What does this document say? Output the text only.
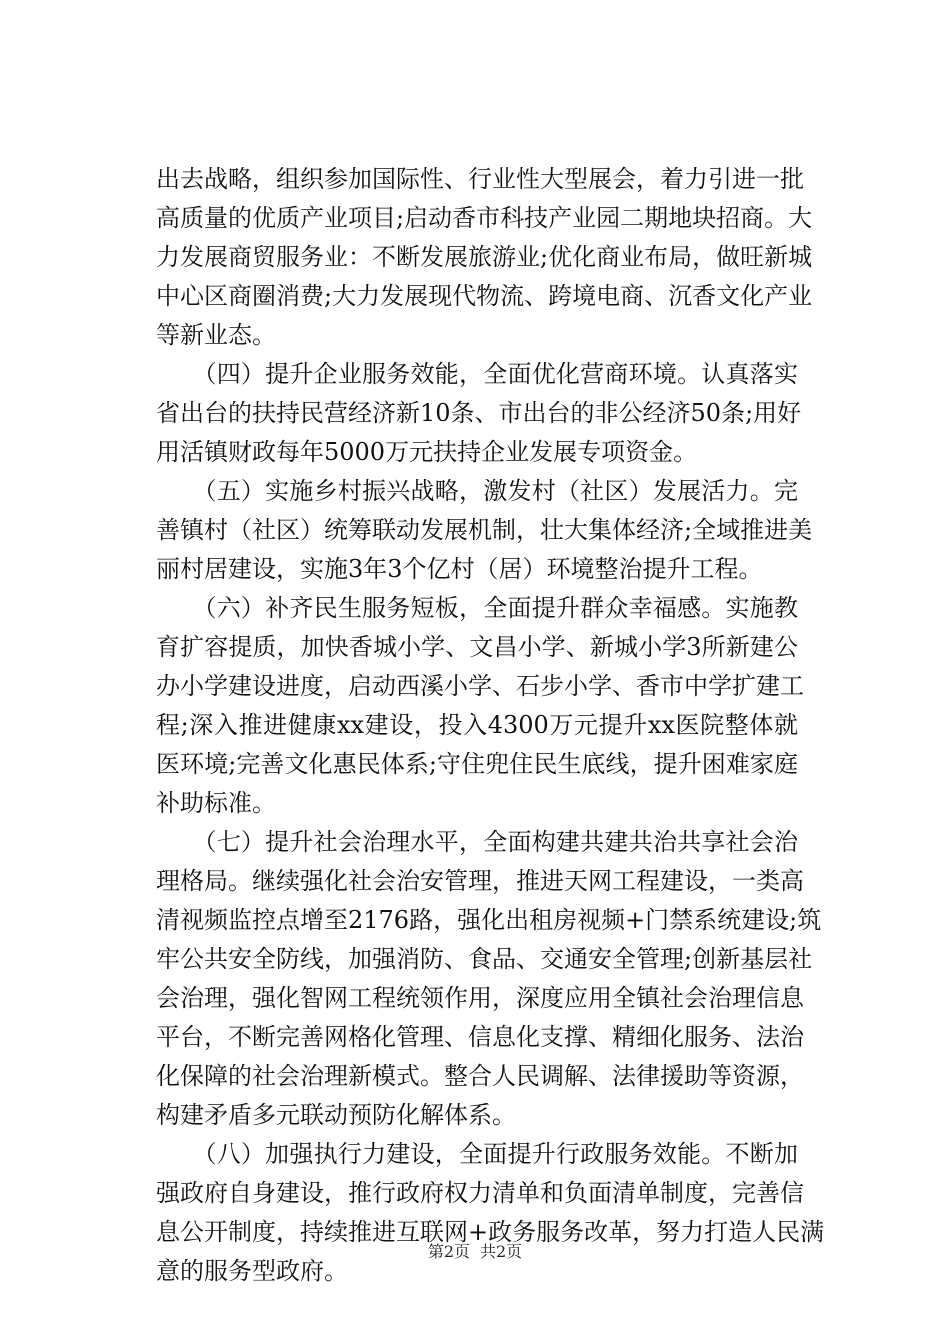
出去战略，组织参加国际性、行业性大型展会，着力引进一批
高质量的优质产业项目;启动香市科技产业园二期地块招商。大
力发展商贸服务业：不断发展旅游业;优化商业布局，做旺新城
中心区商圈消费;大力发展现代物流、跨境电商、沉香文化产业
等新业态。
　　（四）提升企业服务效能，全面优化营商环境。认真落实
省出台的扶持民营经济新10条、市出台的非公经济50条;用好
用活镇财政每年5000万元扶持企业发展专项资金。
　　（五）实施乡村振兴战略，激发村（社区）发展活力。完
善镇村（社区）统筹联动发展机制，壮大集体经济;全域推进美
丽村居建设，实施3年3个亿村（居）环境整治提升工程。
　　（六）补齐民生服务短板，全面提升群众幸福感。实施教
育扩容提质，加快香城小学、文昌小学、新城小学3所新建公
办小学建设进度，启动西溪小学、石步小学、香市中学扩建工
程;深入推进健康xx建设，投入4300万元提升xx医院整体就
医环境;完善文化惠民体系;守住兜住民生底线，提升困难家庭
补助标准。
　　（七）提升社会治理水平，全面构建共建共治共享社会治
理格局。继续强化社会治安管理，推进天网工程建设，一类高
清视频监控点增至2176路，强化出租房视频+门禁系统建设;筑
牢公共安全防线，加强消防、食品、交通安全管理;创新基层社
会治理，强化智网工程统领作用，深度应用全镇社会治理信息
平台，不断完善网格化管理、信息化支撑、精细化服务、法治
化保障的社会治理新模式。整合人民调解、法律援助等资源，
构建矛盾多元联动预防化解体系。
　　（八）加强执行力建设，全面提升行政服务效能。不断加
强政府自身建设，推行政府权力清单和负面清单制度，完善信
息公开制度，持续推进互联网+政务服务改革，努力打造人民满
意的服务型政府。
第2页 共2页
